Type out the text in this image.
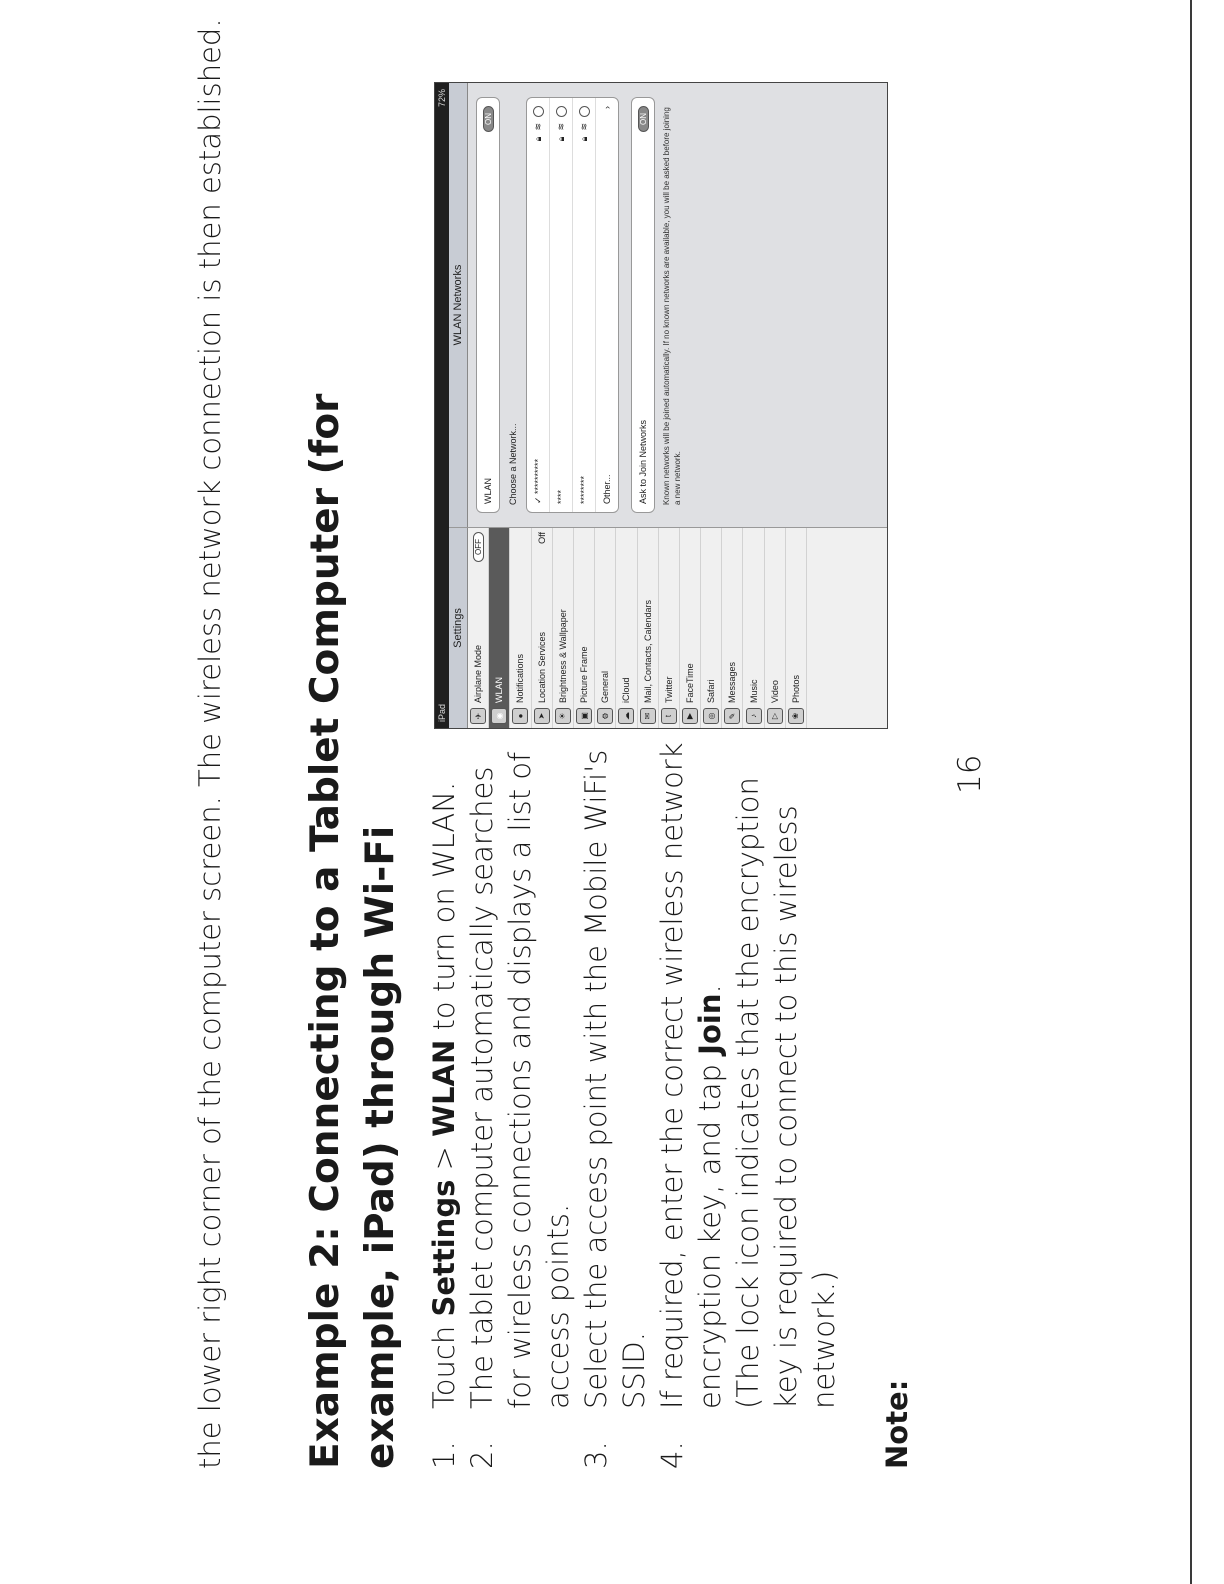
the lower right corner of the computer screen. The wireless network connection is then established. Example 2: Connecting to a Tablet Computer (for example, iPad) through Wi-Fi 1.
Touch Settings > WLAN to turn on WLAN.
2.
The tablet computer automatically searches for wireless connections and displays a list of access points.
3.
Select the access point with the Mobile WiFi's SSID.
4.
If required, enter the correct wireless network encryption key, and tap Join. (The lock icon indicates that the encryption key is required to connect to this wireless network.)

Note:

16
iPad
72%
Settings
✈
Airplane Mode
OFF
◉
WLAN
●
Notifications
➤
Location Services
Off
☀
Brightness & Wallpaper
▣
Picture Frame
⚙
General
☁
iCloud
✉
Mail, Contacts, Calendars
t
Twitter
▶
FaceTime
◎
Safari
✎
Messages
♪
Music
▷
Video
❀
Photos
WLAN Networks
WLAN
ON
Choose a Network... ✓ **********
🔒︎
≋
****
🔒︎
≋
********
🔒︎
≋
Other...
›
Ask to Join Networks
ON Known networks will be joined automatically. If no known networks are available, you will be asked before joining a new network.
